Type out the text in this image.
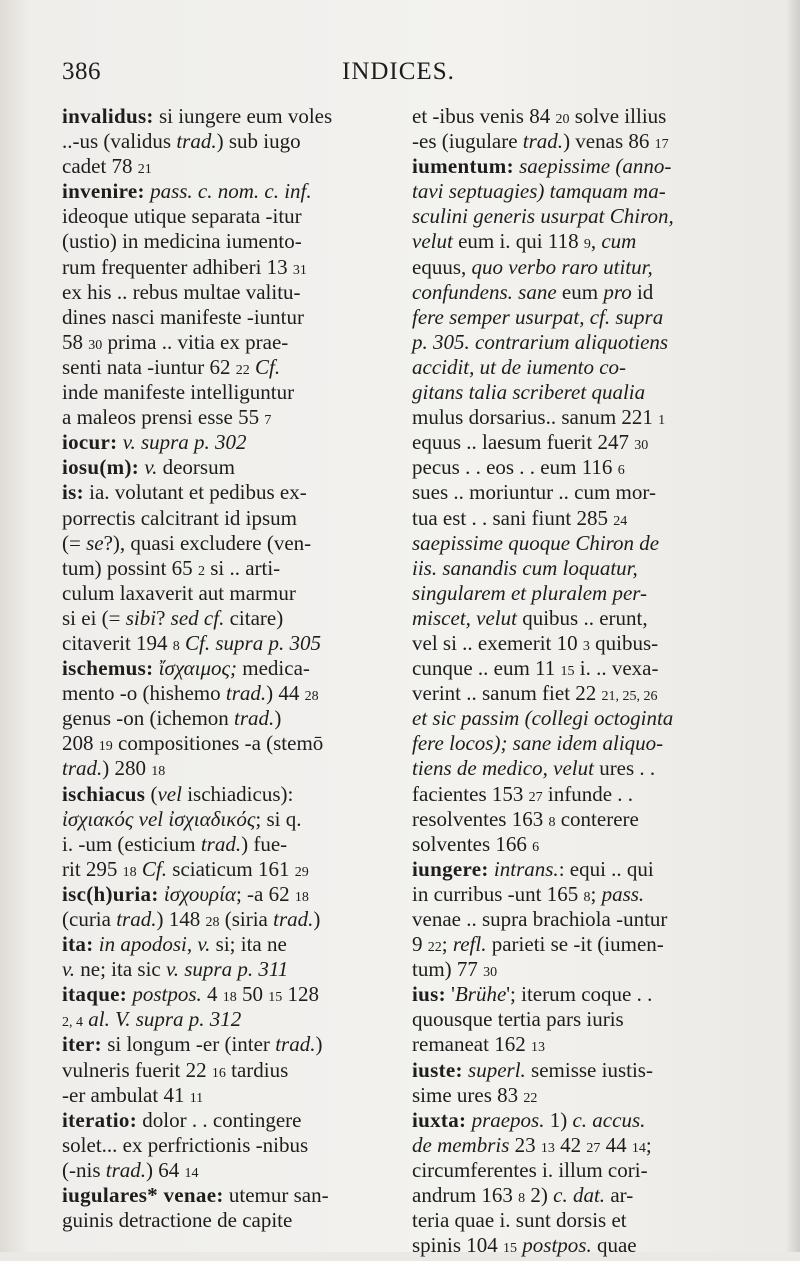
386	INDICES.
invalidus: si iungere eum voles
..-us (validus trad.) sub iugo
cadet 78 21
invenire: pass. c. nom. c. inf.
ideoque utique separata -itur
(ustio) in medicina iumento-
rum frequenter adhiberi 13 31
ex his .. rebus multae valitu-
dines nasci manifeste -iuntur
58 30 prima .. vitia ex prae-
senti nata -iuntur 62 22 Cf.
inde manifeste intelliguntur
a maleos prensi esse 55 7
iocur: v. supra p. 302
iosu(m): v. deorsum
is: ia. volutant et pedibus ex-
porrectis calcitrant id ipsum
(= se?), quasi excludere (ven-
tum) possint 65 2 si .. arti-
culum laxaverit aut marmur
si ei (= sibi? sed cf. citare)
citaverit 194 8 Cf. supra p. 305
ischemus: ἴσχαιμος; medica-
mento -o (hishemo trad.) 44 28
genus -on (ichemon trad.)
208 19 compositiones -a (stemō
trad.) 280 18
ischiacus (vel ischiadicus):
ἰσχιακός vel ἰσχιαδικός; si q.
i. -um (esticium trad.) fue-
rit 295 18 Cf. sciaticum 161 29
isc(h)uria: ἰσχουρία; -a 62 18
(curia trad.) 148 28 (siria trad.)
ita: in apodosi, v. si; ita ne
v. ne; ita sic v. supra p. 311
itaque: postpos. 4 18 50 15 128
2, 4 al. V. supra p. 312
iter: si longum -er (inter trad.)
vulneris fuerit 22 16 tardius
-er ambulat 41 11
iteratio: dolor . . contingere
solet... ex perfrictionis -nibus
(-nis trad.) 64 14
iugulares* venae: utemur san-
guinis detractione de capite
et -ibus venis 84 20 solve illius
-es (iugulare trad.) venas 86 17
iumentum: saepissime (anno-
tavi septuagies) tamquam ma-
sculini generis usurpat Chiron,
velut eum i. qui 118 9, cum
equus, quo verbo raro utitur,
confundens. sane eum pro id
fere semper usurpat, cf. supra
p. 305. contrarium aliquotiens
accidit, ut de iumento co-
gitans talia scriberet qualia
mulus dorsarius.. sanum 221 1
equus .. laesum fuerit 247 30
pecus . . eos . . eum 116 6
sues .. moriuntur .. cum mor-
tua est . . sani fiunt 285 24
saepissime quoque Chiron de
iis. sanandis cum loquatur,
singularem et pluralem per-
miscet, velut quibus .. erunt,
vel si .. exemerit 10 3 quibus-
cunque .. eum 11 15 i. .. vexa-
verint .. sanum fiet 22 21, 25, 26
et sic passim (collegi octoginta
fere locos); sane idem aliquo-
tiens de medico, velut ures . .
facientes 153 27 infunde . .
resolventes 163 8 conterere
solventes 166 6
iungere: intrans.: equi .. qui
in curribus -unt 165 8; pass.
venae .. supra brachiola -untur
9 22; refl. parieti se -it (iumen-
tum) 77 30
ius: 'Brühe'; iterum coque . .
quousque tertia pars iuris
remaneat 162 13
iuste: superl. semisse iustis-
sime ures 83 22
iuxta: praepos. 1) c. accus.
de membris 23 13 42 27 44 14;
circumferentes i. illum cori-
andrum 163 8 2) c. dat. ar-
teria quae i. sunt dorsis et
spinis 104 15 postpos. quae
